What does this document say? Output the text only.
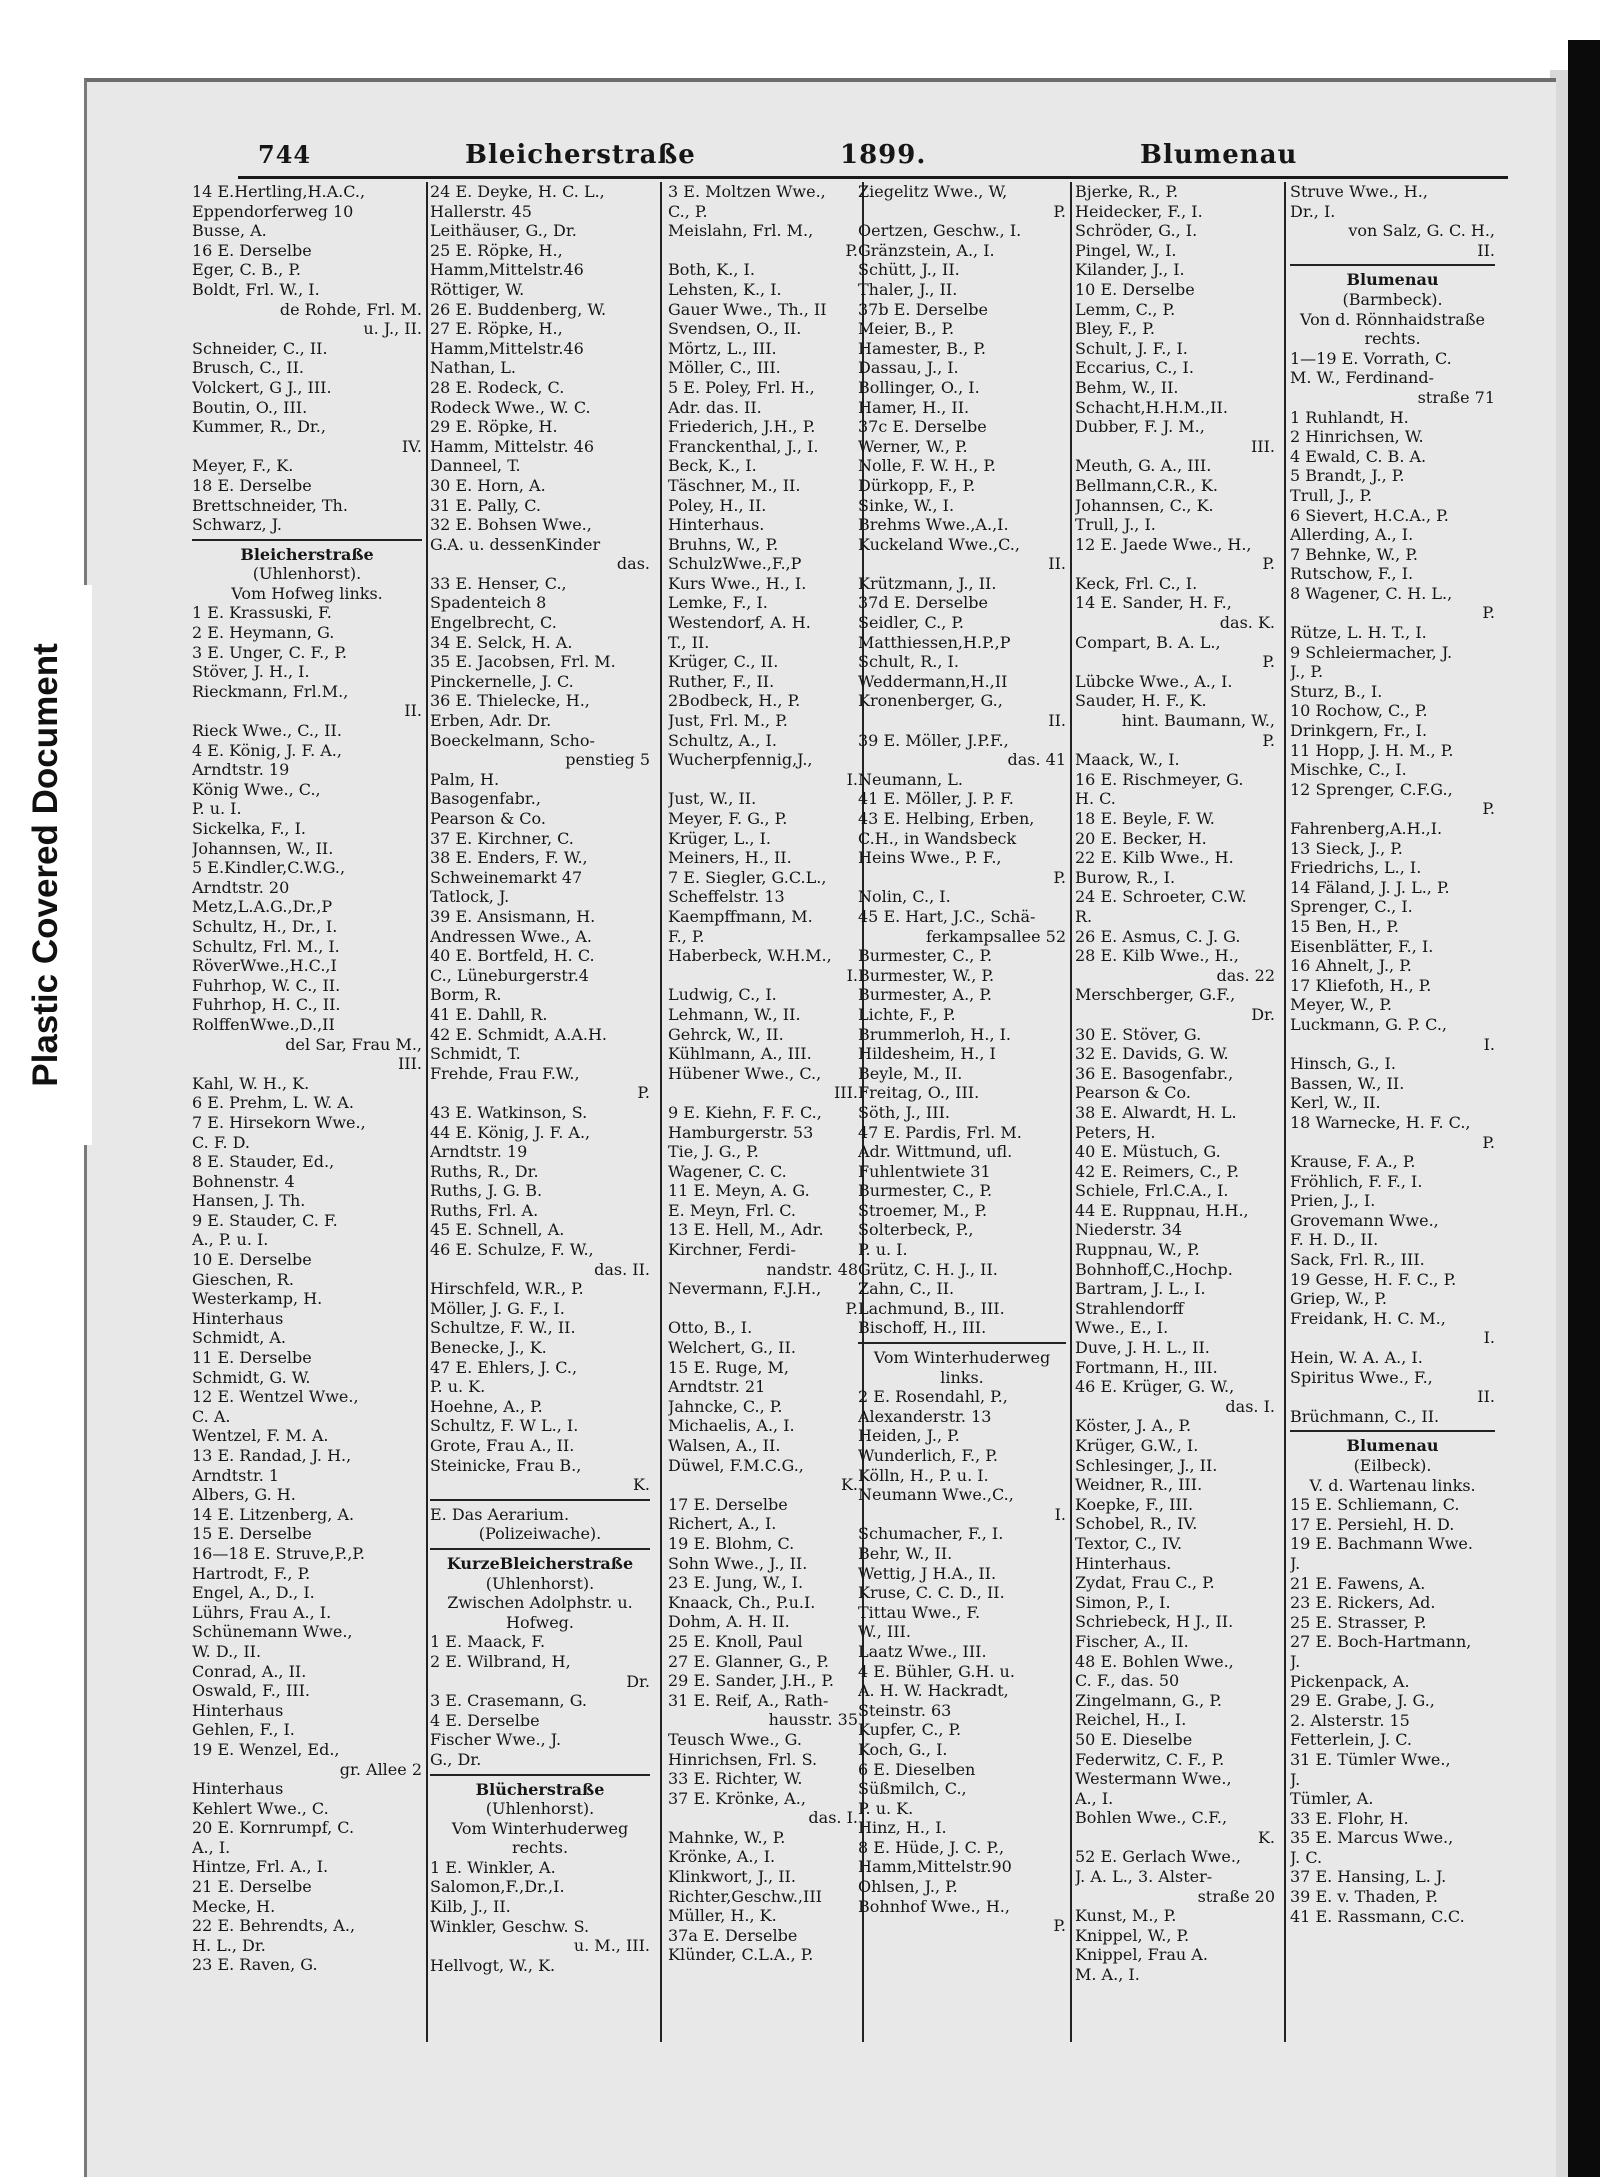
Plastic Covered Document
744	Bleicherstraße	1899.	Blumenau
14 E.Hertling,H.A.C.,
Eppendorferweg 10
Busse, A.
16 E. Derselbe
Eger, C. B., P.
Boldt, Frl. W., I.
de Rohde, Frl. M.
u. J., II.
Schneider, C., II.
Brusch, C., II.
Volckert, G J., III.
Boutin, O., III.
Kummer, R., Dr.,
IV.
Meyer, F., K.
18 E. Derselbe
Brettschneider, Th.
Schwarz, J.
Bleicherstraße
(Uhlenhorst).
Vom Hofweg links.
1 E. Krassuski, F.
2 E. Heymann, G.
3 E. Unger, C. F., P.
Stöver, J. H., I.
Rieckmann, Frl.M.,
II.
Rieck Wwe., C., II.
4 E. König, J. F. A.,
Arndtstr. 19
König Wwe., C.,
P. u. I.
Sickelka, F., I.
Johannsen, W., II.
5 E.Kindler,C.W.G.,
Arndtstr. 20
Metz,L.A.G.,Dr.,P
Schultz, H., Dr., I.
Schultz, Frl. M., I.
RöverWwe.,H.C.,I
Fuhrhop, W. C., II.
Fuhrhop, H. C., II.
RolffenWwe.,D.,II
del Sar, Frau M.,
III.
Kahl, W. H., K.
6 E. Prehm, L. W. A.
7 E. Hirsekorn Wwe.,
C. F. D.
8 E. Stauder, Ed.,
Bohnenstr. 4
Hansen, J. Th.
9 E. Stauder, C. F.
A., P. u. I.
10 E. Derselbe
Gieschen, R.
Westerkamp, H.
Hinterhaus
Schmidt, A.
11 E. Derselbe
Schmidt, G. W.
12 E. Wentzel Wwe.,
C. A.
Wentzel, F. M. A.
13 E. Randad, J. H.,
Arndtstr. 1
Albers, G. H.
14 E. Litzenberg, A.
15 E. Derselbe
16—18 E. Struve,P.,P.
Hartrodt, F., P.
Engel, A., D., I.
Lührs, Frau A., I.
Schünemann Wwe.,
W. D., II.
Conrad, A., II.
Oswald, F., III.
Hinterhaus
Gehlen, F., I.
19 E. Wenzel, Ed.,
gr. Allee 2
Hinterhaus
Kehlert Wwe., C.
20 E. Kornrumpf, C.
A., I.
Hintze, Frl. A., I.
21 E. Derselbe
Mecke, H.
22 E. Behrendts, A.,
H. L., Dr.
23 E. Raven, G.
24 E. Deyke, H. C. L.,
Hallerstr. 45
Leithäuser, G., Dr.
25 E. Röpke, H.,
Hamm,Mittelstr.46
Röttiger, W.
26 E. Buddenberg, W.
27 E. Röpke, H.,
Hamm,Mittelstr.46
Nathan, L.
28 E. Rodeck, C.
Rodeck Wwe., W. C.
29 E. Röpke, H.
Hamm, Mittelstr. 46
Danneel, T.
30 E. Horn, A.
31 E. Pally, C.
32 E. Bohsen Wwe.,
G.A. u. dessenKinder
das.
33 E. Henser, C.,
Spadenteich 8
Engelbrecht, C.
34 E. Selck, H. A.
35 E. Jacobsen, Frl. M.
Pinckernelle, J. C.
36 E. Thielecke, H.,
Erben, Adr. Dr.
Boeckelmann, Scho-
penstieg 5
Palm, H.
Basogenfabr.,
Pearson & Co.
37 E. Kirchner, C.
38 E. Enders, F. W.,
Schweinemarkt 47
Tatlock, J.
39 E. Ansismann, H.
Andressen Wwe., A.
40 E. Bortfeld, H. C.
C., Lüneburgerstr.4
Borm, R.
41 E. Dahll, R.
42 E. Schmidt, A.A.H.
Schmidt, T.
Frehde, Frau F.W.,
P.
43 E. Watkinson, S.
44 E. König, J. F. A.,
Arndtstr. 19
Ruths, R., Dr.
Ruths, J. G. B.
Ruths, Frl. A.
45 E. Schnell, A.
46 E. Schulze, F. W.,
das. II.
Hirschfeld, W.R., P.
Möller, J. G. F., I.
Schultze, F. W., II.
Benecke, J., K.
47 E. Ehlers, J. C.,
P. u. K.
Hoehne, A., P.
Schultz, F. W L., I.
Grote, Frau A., II.
Steinicke, Frau B.,
K.
E. Das Aerarium.
(Polizeiwache).
KurzeBleicherstraße
(Uhlenhorst).
Zwischen Adolphstr. u.
Hofweg.
1 E. Maack, F.
2 E. Wilbrand, H,
Dr.
3 E. Crasemann, G.
4 E. Derselbe
Fischer Wwe., J.
G., Dr.
Blücherstraße
(Uhlenhorst).
Vom Winterhuderweg
rechts.
1 E. Winkler, A.
Salomon,F.,Dr.,I.
Kilb, J., II.
Winkler, Geschw. S.
u. M., III.
Hellvogt, W., K.
3 E. Moltzen Wwe.,
C., P.
Meislahn, Frl. M.,
P.
Both, K., I.
Lehsten, K., I.
Gauer Wwe., Th., II
Svendsen, O., II.
Mörtz, L., III.
Möller, C., III.
5 E. Poley, Frl. H.,
Adr. das. II.
Friederich, J.H., P.
Franckenthal, J., I.
Beck, K., I.
Täschner, M., II.
Poley, H., II.
Hinterhaus.
Bruhns, W., P.
SchulzWwe.,F.,P
Kurs Wwe., H., I.
Lemke, F., I.
Westendorf, A. H.
T., II.
Krüger, C., II.
Ruther, F., II.
2Bodbeck, H., P.
Just, Frl. M., P.
Schultz, A., I.
Wucherpfennig,J.,
I.
Just, W., II.
Meyer, F. G., P.
Krüger, L., I.
Meiners, H., II.
7 E. Siegler, G.C.L.,
Scheffelstr. 13
Kaempffmann, M.
F., P.
Haberbeck, W.H.M.,
I.
Ludwig, C., I.
Lehmann, W., II.
Gehrck, W., II.
Kühlmann, A., III.
Hübener Wwe., C.,
III.
9 E. Kiehn, F. F. C.,
Hamburgerstr. 53
Tie, J. G., P.
Wagener, C. C.
11 E. Meyn, A. G.
E. Meyn, Frl. C.
13 E. Hell, M., Adr.
Kirchner, Ferdi-
nandstr. 48
Nevermann, F.J.H.,
P.
Otto, B., I.
Welchert, G., II.
15 E. Ruge, M,
Arndtstr. 21
Jahncke, C., P.
Michaelis, A., I.
Walsen, A., II.
Düwel, F.M.C.G.,
K.
17 E. Derselbe
Richert, A., I.
19 E. Blohm, C.
Sohn Wwe., J., II.
23 E. Jung, W., I.
Knaack, Ch., P.u.I.
Dohm, A. H. II.
25 E. Knoll, Paul
27 E. Glanner, G., P.
29 E. Sander, J.H., P.
31 E. Reif, A., Rath-
hausstr. 35
Teusch Wwe., G.
Hinrichsen, Frl. S.
33 E. Richter, W.
37 E. Krönke, A.,
das. I.
Mahnke, W., P.
Krönke, A., I.
Klinkwort, J., II.
Richter,Geschw.,III
Müller, H., K.
37a E. Derselbe
Klünder, C.L.A., P.
Ziegelitz Wwe., W,
P.
Oertzen, Geschw., I.
Gränzstein, A., I.
Schütt, J., II.
Thaler, J., II.
37b E. Derselbe
Meier, B., P.
Hamester, B., P.
Dassau, J., I.
Bollinger, O., I.
Hamer, H., II.
37c E. Derselbe
Werner, W., P.
Nolle, F. W. H., P.
Dürkopp, F., P.
Sinke, W., I.
Brehms Wwe.,A.,I.
Kuckeland Wwe.,C.,
II.
Krützmann, J., II.
37d E. Derselbe
Seidler, C., P.
Matthiessen,H.P.,P
Schult, R., I.
Weddermann,H.,II
Kronenberger, G.,
II.
39 E. Möller, J.P.F.,
das. 41
Neumann, L.
41 E. Möller, J. P. F.
43 E. Helbing, Erben,
C.H., in Wandsbeck
Heins Wwe., P. F.,
P.
Nolin, C., I.
45 E. Hart, J.C., Schä-
ferkampsallee 52
Burmester, C., P.
Burmester, W., P.
Burmester, A., P.
Lichte, F., P.
Brummerloh, H., I.
Hildesheim, H., I
Beyle, M., II.
Freitag, O., III.
Söth, J., III.
47 E. Pardis, Frl. M.
Adr. Wittmund, ufl.
Fuhlentwiete 31
Burmester, C., P.
Stroemer, M., P.
Solterbeck, P.,
P. u. I.
Grütz, C. H. J., II.
Zahn, C., II.
Lachmund, B., III.
Bischoff, H., III.
Vom Winterhuderweg
links.
2 E. Rosendahl, P.,
Alexanderstr. 13
Heiden, J., P.
Wunderlich, F., P.
Kölln, H., P. u. I.
Neumann Wwe.,C.,
I.
Schumacher, F., I.
Behr, W., II.
Wettig, J H.A., II.
Kruse, C. C. D., II.
Tittau Wwe., F.
W., III.
Laatz Wwe., III.
4 E. Bühler, G.H. u.
A. H. W. Hackradt,
Steinstr. 63
Kupfer, C., P.
Koch, G., I.
6 E. Dieselben
Süßmilch, C.,
P. u. K.
Hinz, H., I.
8 E. Hüde, J. C. P.,
Hamm,Mittelstr.90
Ohlsen, J., P.
Bohnhof Wwe., H.,
P.
Bjerke, R., P.
Heidecker, F., I.
Schröder, G., I.
Pingel, W., I.
Kilander, J., I.
10 E. Derselbe
Lemm, C., P.
Bley, F., P.
Schult, J. F., I.
Eccarius, C., I.
Behm, W., II.
Schacht,H.H.M.,II.
Dubber, F. J. M.,
III.
Meuth, G. A., III.
Bellmann,C.R., K.
Johannsen, C., K.
Trull, J., I.
12 E. Jaede Wwe., H.,
P.
Keck, Frl. C., I.
14 E. Sander, H. F.,
das. K.
Compart, B. A. L.,
P.
Lübcke Wwe., A., I.
Sauder, H. F., K.
hint. Baumann, W.,
P.
Maack, W., I.
16 E. Rischmeyer, G.
H. C.
18 E. Beyle, F. W.
20 E. Becker, H.
22 E. Kilb Wwe., H.
Burow, R., I.
24 E. Schroeter, C.W.
R.
26 E. Asmus, C. J. G.
28 E. Kilb Wwe., H.,
das. 22
Merschberger, G.F.,
Dr.
30 E. Stöver, G.
32 E. Davids, G. W.
36 E. Basogenfabr.,
Pearson & Co.
38 E. Alwardt, H. L.
Peters, H.
40 E. Müstuch, G.
42 E. Reimers, C., P.
Schiele, Frl.C.A., I.
44 E. Ruppnau, H.H.,
Niederstr. 34
Ruppnau, W., P.
Bohnhoff,C.,Hochp.
Bartram, J. L., I.
Strahlendorff
Wwe., E., I.
Duve, J. H. L., II.
Fortmann, H., III.
46 E. Krüger, G. W.,
das. I.
Köster, J. A., P.
Krüger, G.W., I.
Schlesinger, J., II.
Weidner, R., III.
Koepke, F., III.
Schobel, R., IV.
Textor, C., IV.
Hinterhaus.
Zydat, Frau C., P.
Simon, P., I.
Schriebeck, H J., II.
Fischer, A., II.
48 E. Bohlen Wwe.,
C. F., das. 50
Zingelmann, G., P.
Reichel, H., I.
50 E. Dieselbe
Federwitz, C. F., P.
Westermann Wwe.,
A., I.
Bohlen Wwe., C.F.,
K.
52 E. Gerlach Wwe.,
J. A. L., 3. Alster-
straße 20
Kunst, M., P.
Knippel, W., P.
Knippel, Frau A.
M. A., I.
Struve Wwe., H.,
Dr., I.
von Salz, G. C. H.,
II.
Blumenau
(Barmbeck).
Von d. Rönnhaidstraße
rechts.
1—19 E. Vorrath, C.
M. W., Ferdinand-
straße 71
1 Ruhlandt, H.
2 Hinrichsen, W.
4 Ewald, C. B. A.
5 Brandt, J., P.
Trull, J., P.
6 Sievert, H.C.A., P.
Allerding, A., I.
7 Behnke, W., P.
Rutschow, F., I.
8 Wagener, C. H. L.,
P.
Rütze, L. H. T., I.
9 Schleiermacher, J.
J., P.
Sturz, B., I.
10 Rochow, C., P.
Drinkgern, Fr., I.
11 Hopp, J. H. M., P.
Mischke, C., I.
12 Sprenger, C.F.G.,
P.
Fahrenberg,A.H.,I.
13 Sieck, J., P.
Friedrichs, L., I.
14 Fäland, J. J. L., P.
Sprenger, C., I.
15 Ben, H., P.
Eisenblätter, F., I.
16 Ahnelt, J., P.
17 Kliefoth, H., P.
Meyer, W., P.
Luckmann, G. P. C.,
I.
Hinsch, G., I.
Bassen, W., II.
Kerl, W., II.
18 Warnecke, H. F. C.,
P.
Krause, F. A., P.
Fröhlich, F. F., I.
Prien, J., I.
Grovemann Wwe.,
F. H. D., II.
Sack, Frl. R., III.
19 Gesse, H. F. C., P.
Griep, W., P.
Freidank, H. C. M.,
I.
Hein, W. A. A., I.
Spiritus Wwe., F.,
II.
Brüchmann, C., II.
Blumenau
(Eilbeck).
V. d. Wartenau links.
15 E. Schliemann, C.
17 E. Persiehl, H. D.
19 E. Bachmann Wwe.
J.
21 E. Fawens, A.
23 E. Rickers, Ad.
25 E. Strasser, P.
27 E. Boch-Hartmann,
J.
Pickenpack, A.
29 E. Grabe, J. G.,
2. Alsterstr. 15
Fetterlein, J. C.
31 E. Tümler Wwe.,
J.
Tümler, A.
33 E. Flohr, H.
35 E. Marcus Wwe.,
J. C.
37 E. Hansing, L. J.
39 E. v. Thaden, P.
41 E. Rassmann, C.C.
